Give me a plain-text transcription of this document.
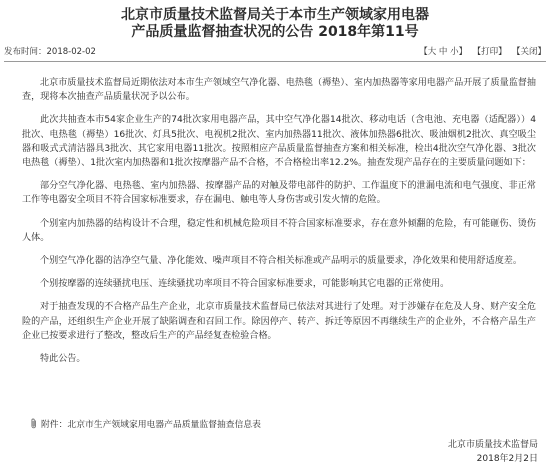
北京市质量技术监督局关于本市生产领域家用电器
产品质量监督抽查状况的公告 2018年第11号
发布时间：2018-02-02	【大 中 小】 【打印】 【关闭】

北京市质量技术监督局近期依法对本市生产领域空气净化器、电热毯（褥垫）、室内加热器等家用电器产品开展了质量监督抽查，现将本次抽查产品质量状况予以公布。

此次共抽查本市54家企业生产的74批次家用电器产品，其中空气净化器14批次、移动电话（含电池、充电器（适配器））4批次、电热毯（褥垫）16批次、灯具5批次、电视机2批次、室内加热器11批次、液体加热器6批次、吸油烟机2批次、真空吸尘器和吸式式清洁器具3批次、其它家用电器11批次。按照相应产品质量监督抽查方案和相关标准，检出4批次空气净化器、3批次电热毯（褥垫）、1批次室内加热器和1批次按摩器产品不合格，不合格检出率12.2%。抽查发现产品存在的主要质量问题如下：

部分空气净化器、电热毯、室内加热器、按摩器产品的对触及带电部件的防护、工作温度下的泄漏电流和电气强度、非正常工作等电器安全项目不符合国家标准要求，存在漏电、触电等人身伤害或引发火情的危险。

个别室内加热器的结构设计不合理，稳定性和机械危险项目不符合国家标准要求，存在意外倾翻的危险，有可能砸伤、烫伤人体。

个别空气净化器的洁净空气量、净化能效、噪声项目不符合相关标准或产品明示的质量要求，净化效果和使用舒适度差。

个别按摩器的连续骚扰电压、连续骚扰功率项目不符合国家标准要求，可能影响其它电器的正常使用。

对于抽查发现的不合格产品生产企业，北京市质量技术监督局已依法对其进行了处理。对于涉嫌存在危及人身、财产安全危险的产品，还组织生产企业开展了缺陷调查和召回工作。除因停产、转产、拆迁等原因不再继续生产的企业外，不合格产品生产企业已按要求进行了整改，整改后生产的产品经复查检验合格。

特此公告。

附件：北京市生产领域家用电器产品质量监督抽查信息表
北京市质量技术监督局
2018年2月2日
